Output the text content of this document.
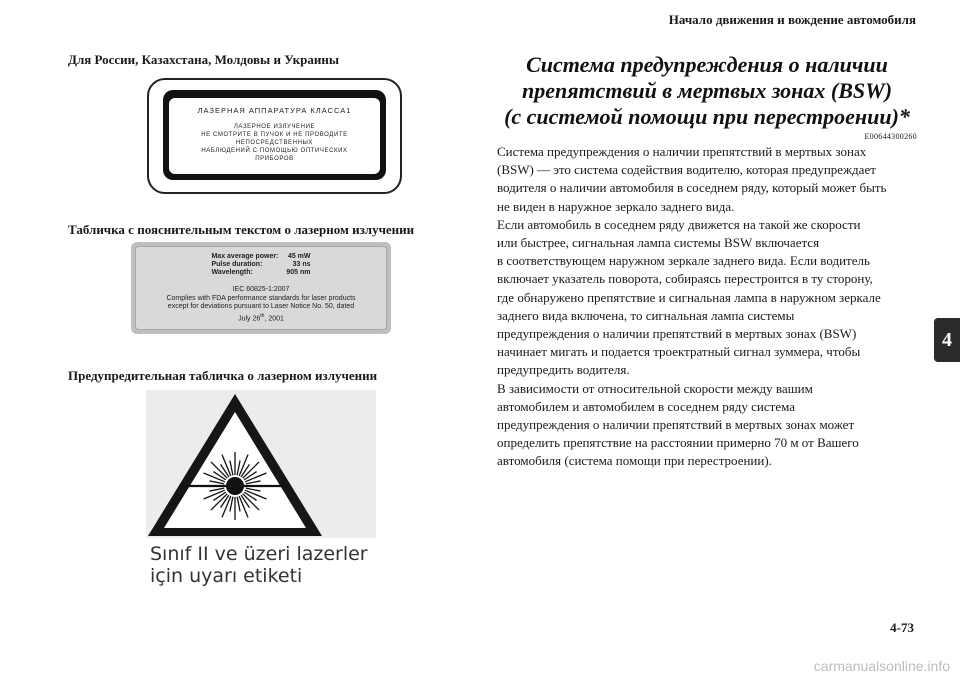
Начало движения и вождение автомобиля
4
Для России, Казахстана, Молдовы и Украины
ЛАЗЕРНАЯ АППАРАТУРА КЛАССА1
ЛАЗЕРНОЕ ИЗЛУЧЕНИЕ
НЕ СМОТРИТЕ В ПУЧОК И НЕ ПРОВОДИТЕ
НЕПОСРЕДСТВЕННЫХ
НАБЛЮДЕНИЙ С ПОМОЩЬЮ ОПТИЧЕСКИХ
ПРИБОРОВ
Табличка с пояснительным текстом о лазерном излучении
Max average power:	45 mW
Pulse duration:	33 ns
Wavelength:	905 nm
IEC 60825-1:2007
Complies with FDA performance standards for laser products
except for deviations pursuant to Laser Notice No. 50, dated
July 26th, 2001
Предупредительная табличка о лазерном излучении
Sınıf II ve üzeri lazerler
için uyarı etiketi
Система предупреждения о наличии
препятствий в мертвых зонах (BSW)
(с системой помощи при перестроении)*
E00644300260

Система предупреждения о наличии препятствий в мертвых зонах
(BSW) — это система содействия водителю, которая предупреждает
водителя о наличии автомобиля в соседнем ряду, который может быть
не виден в наружное зеркало заднего вида.

Если автомобиль в соседнем ряду движется на такой же скорости
или быстрее, сигнальная лампа системы BSW включается
в соответствующем наружном зеркале заднего вида. Если водитель
включает указатель поворота, собираясь перестроится в ту сторону,
где обнаружено препятствие и сигнальная лампа в наружном зеркале
заднего вида включена, то сигнальная лампа системы
предупреждения о наличии препятствий в мертвых зонах (BSW)
начинает мигать и подается троектратный сигнал зуммера, чтобы
предупредить водителя.

В зависимости от относительной скорости между вашим
автомобилем и автомобилем в соседнем ряду система
предупреждения о наличии препятствий в мертвых зонах может
определить препятствие на расстоянии примерно 70 м от Вашего
автомобиля (система помощи при перестроении).

4-73
carmanualsonline.info
